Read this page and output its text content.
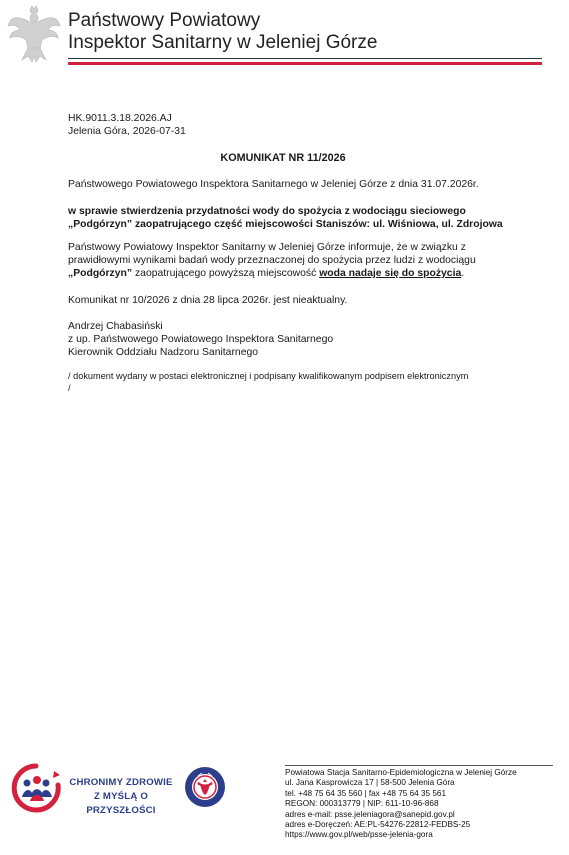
Państwowy Powiatowy
Inspektor Sanitarny w Jeleniej Górze
HK.9011.3.18.2026.AJ
Jelenia Góra, 2026-07-31
KOMUNIKAT NR 11/2026
Państwowego Powiatowego Inspektora Sanitarnego w Jeleniej Górze z dnia 31.07.2026r.
w sprawie stwierdzenia przydatności wody do spożycia z wodociągu sieciowego
„Podgórzyn” zaopatrującego część miejscowości Staniszów: ul. Wiśniowa, ul. Zdrojowa
Państwowy Powiatowy Inspektor Sanitarny w Jeleniej Górze informuje, że w związku z
prawidłowymi wynikami badań wody przeznaczonej do spożycia przez ludzi z wodociągu
„Podgórzyn” zaopatrującego powyższą miejscowość woda nadaje się do spożycia.
Komunikat nr 10/2026 z dnia 28 lipca 2026r. jest nieaktualny.
Andrzej Chabasiński
z up. Państwowego Powiatowego Inspektora Sanitarnego
Kierownik Oddziału Nadzoru Sanitarnego
/ dokument wydany w postaci elektronicznej i podpisany kwalifikowanym podpisem elektronicznym
/
CHRONIMY ZDROWIE
Z MYŚLĄ O PRZYSZŁOŚCI
Powiatowa Stacja Sanitarno-Epidemiologiczna w Jeleniej Górze
ul. Jana Kasprowicza 17 | 58-500 Jelenia Góra
tel. +48 75 64 35 560 | fax +48 75 64 35 561
REGON: 000313779 | NIP: 611-10-96-868
adres e-mail: psse.jeleniagora@sanepid.gov.pl
adres e-Doręczeń: AE:PL-54276-22812-FEDBS-25
https://www.gov.pl/web/psse-jelenia-gora
